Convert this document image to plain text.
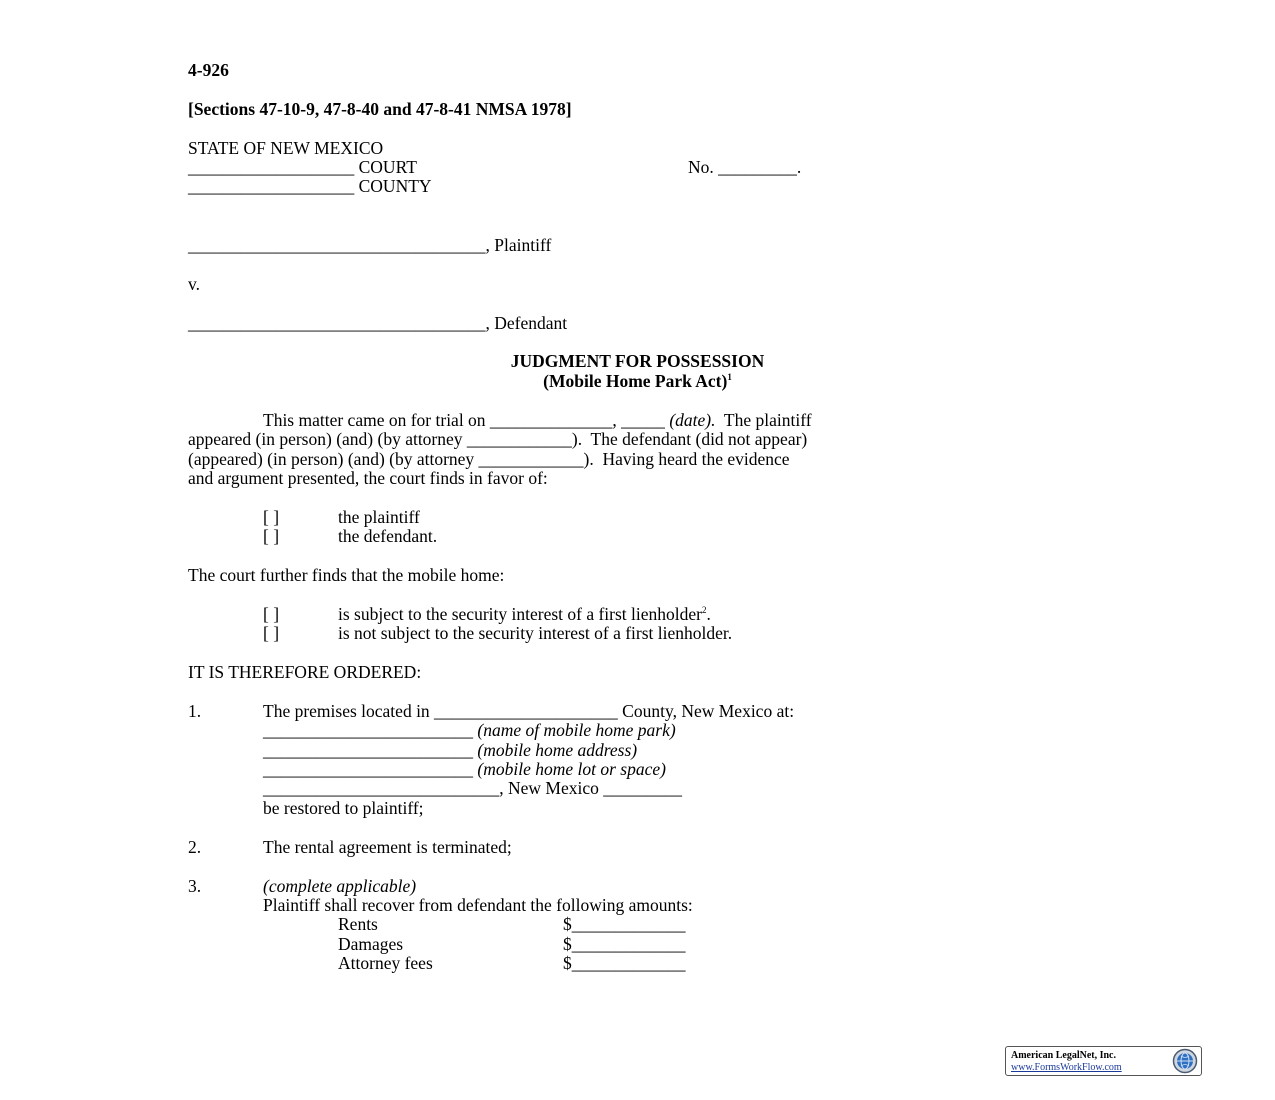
4-926
[Sections 47-10-9, 47-8-40 and 47-8-41 NMSA 1978]
STATE OF NEW MEXICO
___________________ COURT	No. _________.
___________________ COUNTY
__________________________________, Plaintiff
v.
__________________________________, Defendant
JUDGMENT FOR POSSESSION
(Mobile Home Park Act)$^1$
This matter came on for trial on ______________, _____ (date).  The plaintiff
appeared (in person) (and) (by attorney ____________).  The defendant (did not appear)
(appeared) (in person) (and) (by attorney ____________).  Having heard the evidence
and argument presented, the court finds in favor of:
[ ]	the plaintiff
[ ]	the defendant.
The court further finds that the mobile home:
[ ]	is subject to the security interest of a first lienholder$^2$.
[ ]	is not subject to the security interest of a first lienholder.
IT IS THEREFORE ORDERED:
1.	The premises located in _____________________ County, New Mexico at:
________________________ (name of mobile home park)
________________________ (mobile home address)
________________________ (mobile home lot or space)
___________________________, New Mexico _________
be restored to plaintiff;
2.	The rental agreement is terminated;
3.	(complete applicable)
Plaintiff shall recover from defendant the following amounts:
Rents	$_____________
Damages	$_____________
Attorney fees	$_____________
American LegalNet, Inc.
www.FormsWorkFlow.com
